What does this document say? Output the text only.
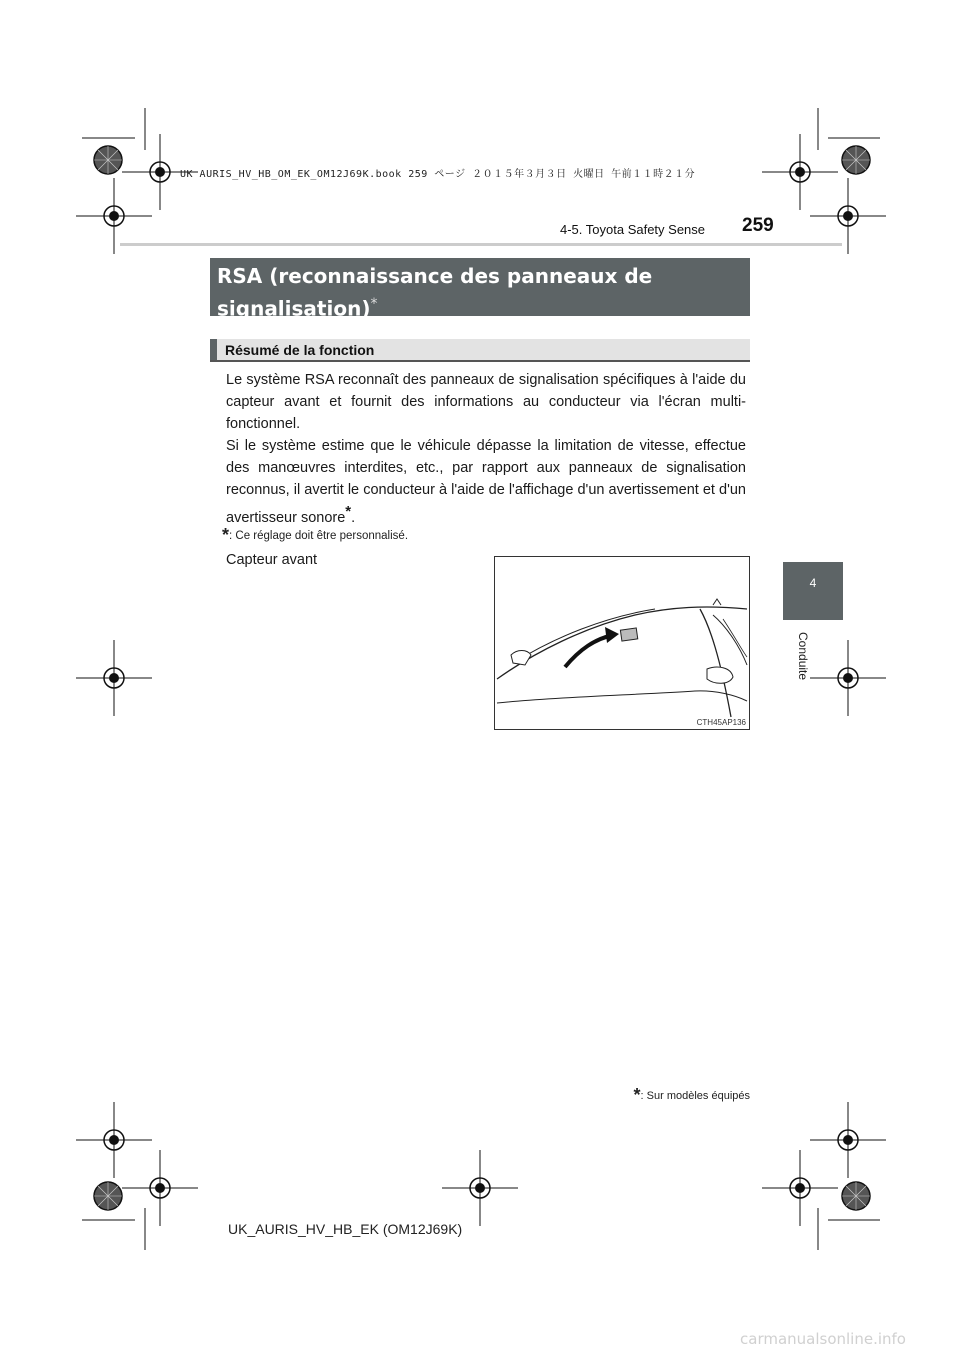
UK AURIS_HV_HB_OM_EK_OM12J69K.book 259 ページ ２０１５年３月３日 火曜日 午前１１時２１分
4-5. Toyota Safety Sense 259
4
Conduite
RSA (reconnaissance des panneaux de signalisation)*
Résumé de la fonction
Le système RSA reconnaît des panneaux de signalisation spécifiques à l'aide du capteur avant et fournit des informations au conducteur via l'écran multi-fonctionnel.
Si le système estime que le véhicule dépasse la limitation de vitesse, effectue des manœuvres interdites, etc., par rapport aux panneaux de signalisation reconnus, il avertit le conducteur à l'aide de l'affichage d'un avertissement et d'un avertisseur sonore*.
*: Ce réglage doit être personnalisé.
Capteur avant
CTH45AP136
*: Sur modèles équipés
UK_AURIS_HV_HB_EK (OM12J69K)
carmanualsonline.info
